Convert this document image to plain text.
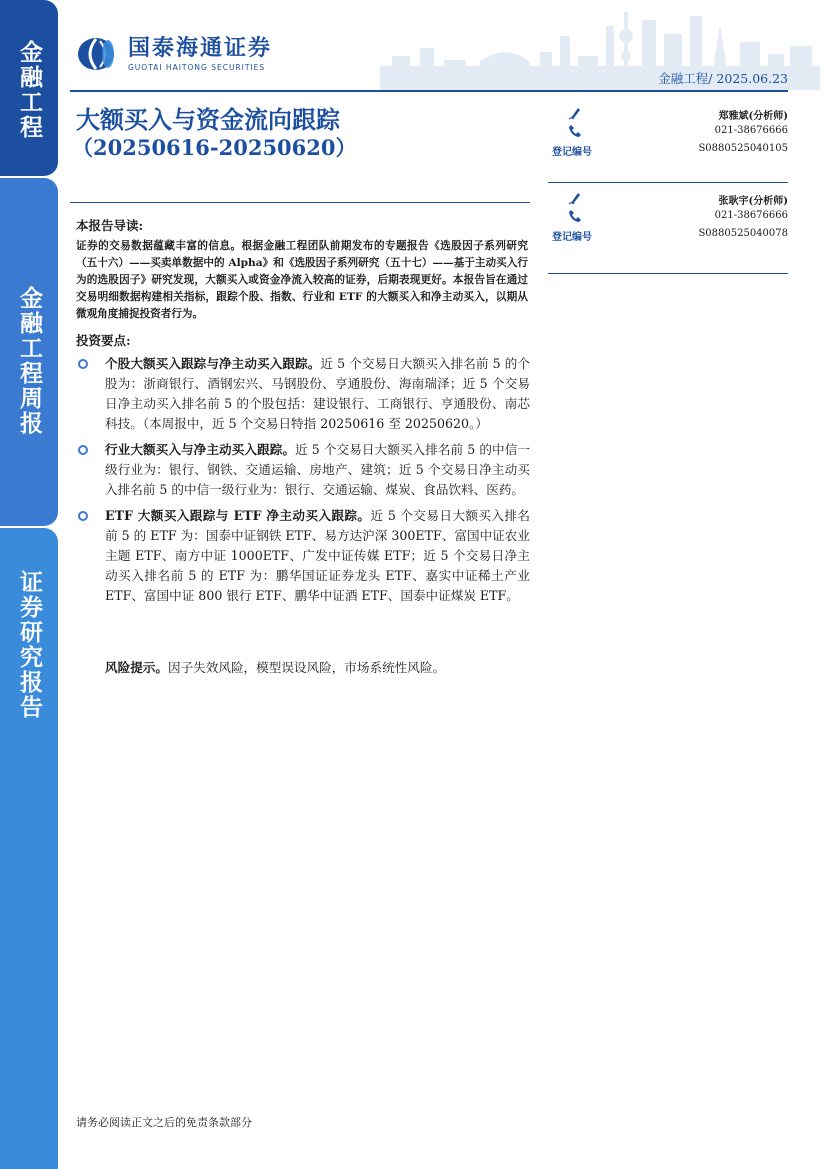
金融工程
金融工程周报
证券研究报告
国泰海通证券
GUOTAI HAITONG SECURITIES
金融工程/ 2025.06.23
大额买入与资金流向跟踪
（20250616-20250620）
郑雅斌(分析师)
021-38676666
登记编号	S0880525040105
张耿宇(分析师)
021-38676666
登记编号	S0880525040078
本报告导读:
证券的交易数据蕴藏丰富的信息。根据金融工程团队前期发布的专题报告《选股因子系列研究（五十六）——买卖单数据中的 Alpha》和《选股因子系列研究（五十七）——基于主动买入行为的选股因子》研究发现，大额买入或资金净流入较高的证券，后期表现更好。本报告旨在通过交易明细数据构建相关指标，跟踪个股、指数、行业和 ETF 的大额买入和净主动买入，以期从微观角度捕捉投资者行为。
投资要点:
个股大额买入跟踪与净主动买入跟踪。近 5 个交易日大额买入排名前 5 的个股为：浙商银行、酒钢宏兴、马钢股份、亨通股份、海南瑞泽；近 5 个交易日净主动买入排名前 5 的个股包括：建设银行、工商银行、亨通股份、南芯科技。（本周报中，近 5 个交易日特指 20250616 至 20250620。）
行业大额买入与净主动买入跟踪。近 5 个交易日大额买入排名前 5 的中信一级行业为：银行、钢铁、交通运输、房地产、建筑；近 5 个交易日净主动买入排名前 5 的中信一级行业为：银行、交通运输、煤炭、食品饮料、医药。
ETF 大额买入跟踪与 ETF 净主动买入跟踪。近 5 个交易日大额买入排名前 5 的 ETF 为：国泰中证钢铁 ETF、易方达沪深 300ETF、富国中证农业主题 ETF、南方中证 1000ETF、广发中证传媒 ETF；近 5 个交易日净主动买入排名前 5 的 ETF 为：鹏华国证证券龙头 ETF、嘉实中证稀土产业 ETF、富国中证 800 银行 ETF、鹏华中证酒 ETF、国泰中证煤炭 ETF。
风险提示。因子失效风险，模型误设风险，市场系统性风险。
请务必阅读正文之后的免责条款部分
